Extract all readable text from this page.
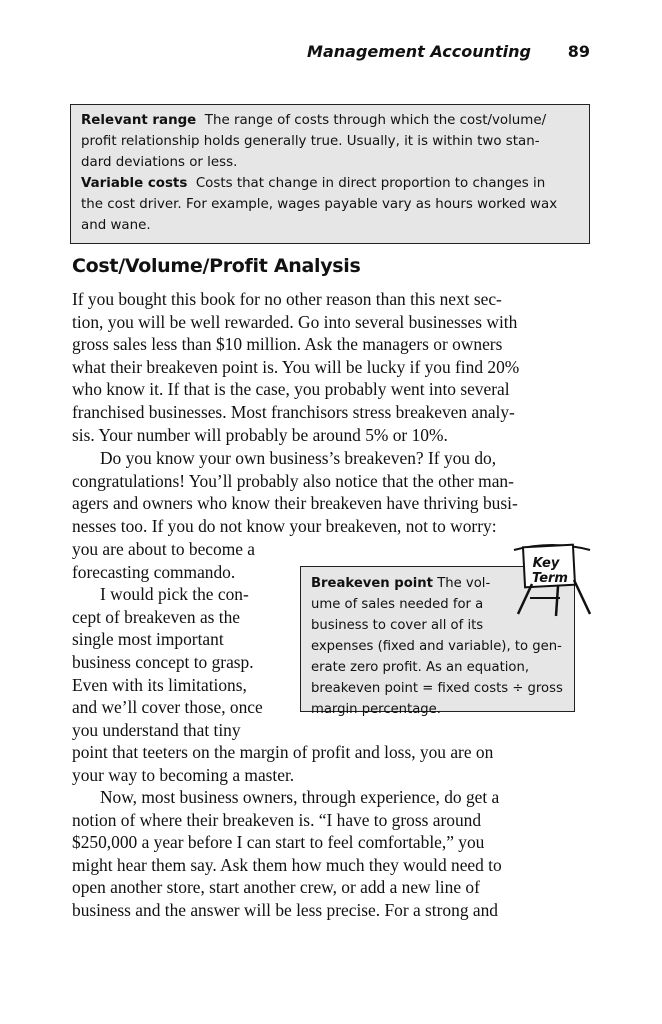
Management Accounting 89

Relevant range The range of costs through which the cost/volume/
profit relationship holds generally true. Usually, it is within two stan-
dard deviations or less.

Variable costs Costs that change in direct proportion to changes in
the cost driver. For example, wages payable vary as hours worked wax
and wane.

Cost/Volume/Profit Analysis
If you bought this book for no other reason than this next sec-
tion, you will be well rewarded. Go into several businesses with
gross sales less than $10 million. Ask the managers or owners
what their breakeven point is. You will be lucky if you find 20%
who know it. If that is the case, you probably went into several
franchised businesses. Most franchisors stress breakeven analy-
sis. Your number will probably be around 5% or 10%.
Do you know your own business’s breakeven? If you do,
congratulations! You’ll probably also notice that the other man-
agers and owners who know their breakeven have thriving busi-
nesses too. If you do not know your breakeven, not to worry:
you are about to become a
forecasting commando.
I would pick the con-
cept of breakeven as the
single most important
business concept to grasp.
Even with its limitations,
and we’ll cover those, once
you understand that tiny
Breakeven point The vol-
ume of sales needed for a
business to cover all of its
expenses (fixed and variable), to gen-
erate zero profit. As an equation,
breakeven point = fixed costs ÷ gross
margin percentage.
Key
Term
point that teeters on the margin of profit and loss, you are on
your way to becoming a master.
Now, most business owners, through experience, do get a
notion of where their breakeven is. “I have to gross around
$250,000 a year before I can start to feel comfortable,” you
might hear them say. Ask them how much they would need to
open another store, start another crew, or add a new line of
business and the answer will be less precise. For a strong and
